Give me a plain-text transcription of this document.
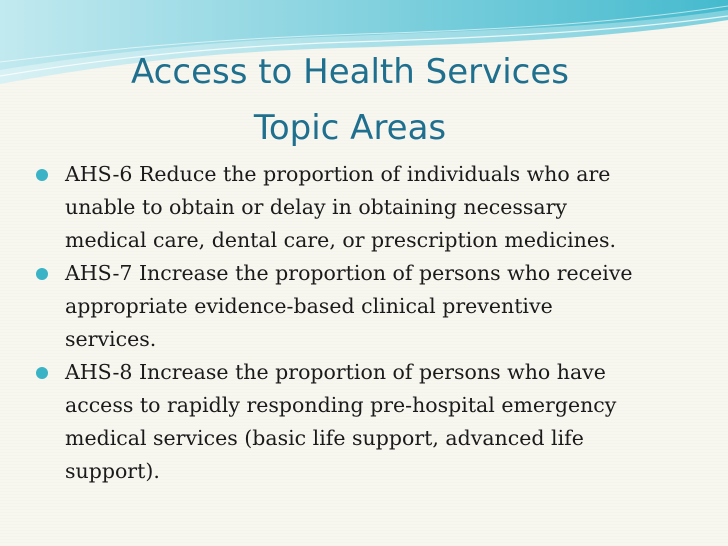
Access to Health Services
Topic Areas
AHS-6 Reduce the proportion of individuals who are
unable to obtain or delay in obtaining necessary
medical care, dental care, or prescription medicines.
AHS-7 Increase the proportion of persons who receive
appropriate evidence-based clinical preventive
services.
AHS-8 Increase the proportion of persons who have
access to rapidly responding pre-hospital emergency
medical services (basic life support, advanced life
support).
